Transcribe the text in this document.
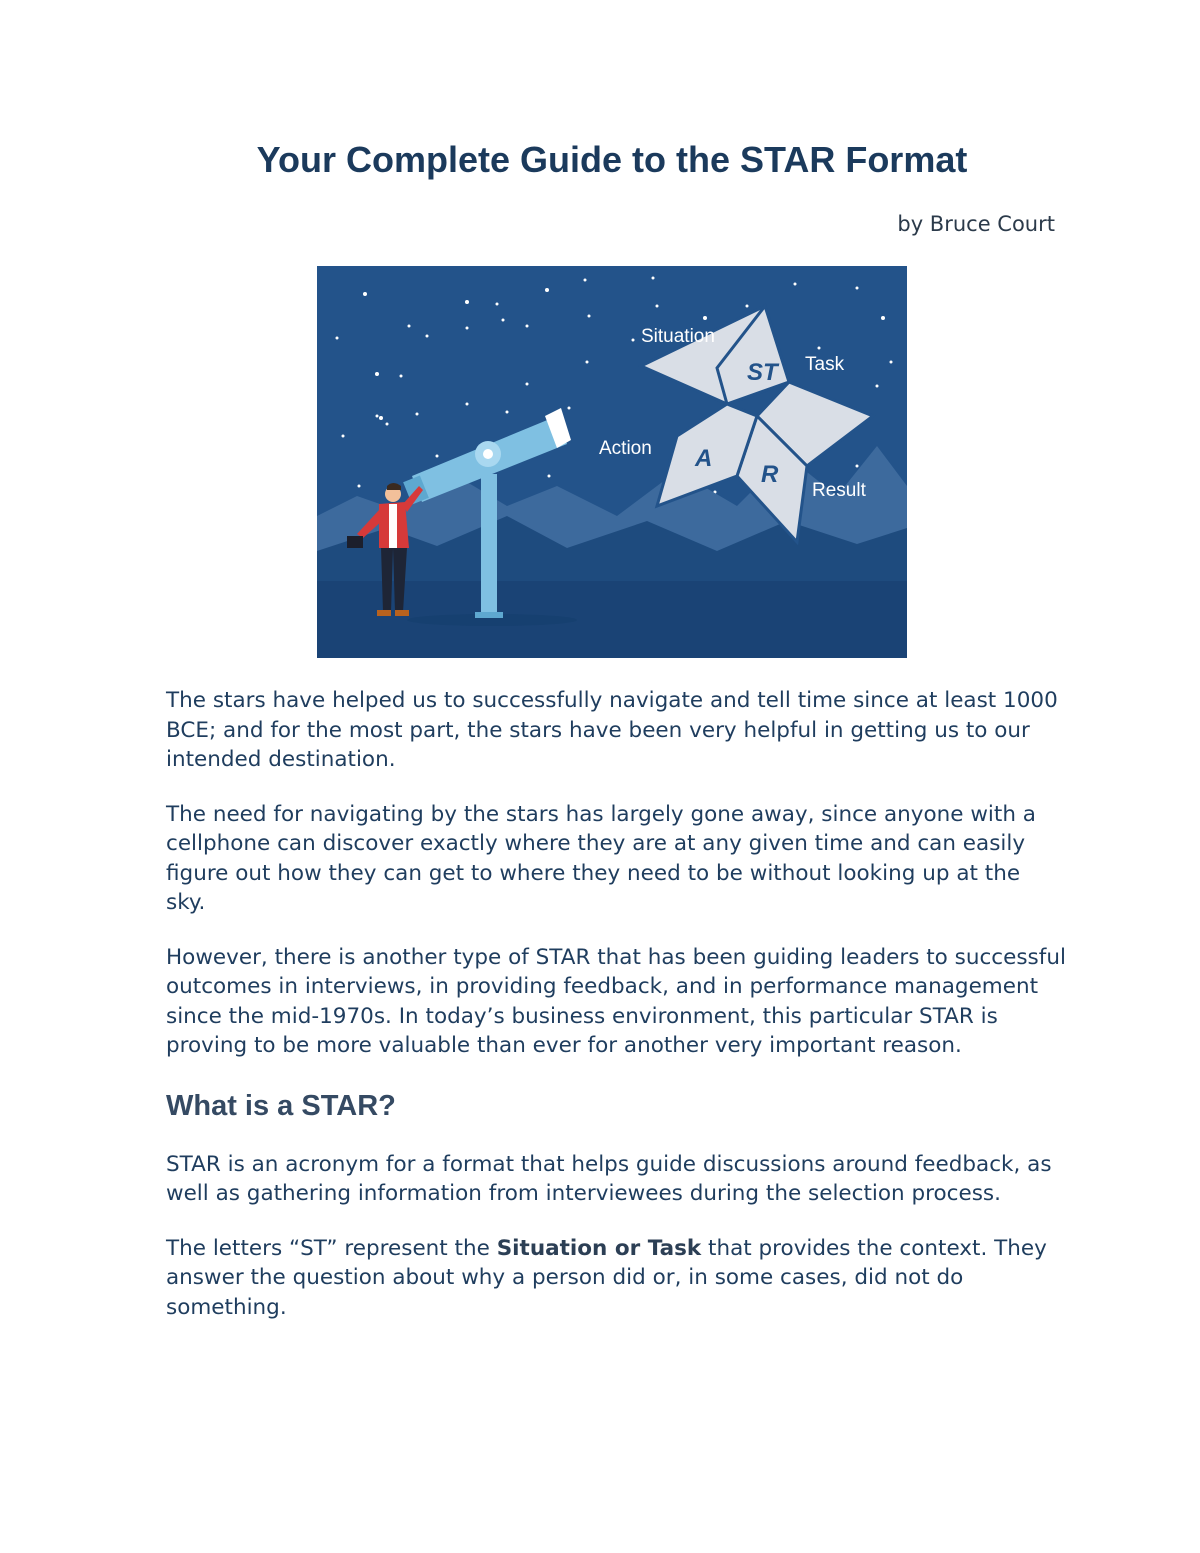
Your Complete Guide to the STAR Format

by Bruce Court

ST
A
R
Situation
Task
Action
Result

The stars have helped us to successfully navigate and tell time since at least 1000 BCE; and for the most part, the stars have been very helpful in getting us to our intended destination.

The need for navigating by the stars has largely gone away, since anyone with a cellphone can discover exactly where they are at any given time and can easily figure out how they can get to where they need to be without looking up at the sky.

However, there is another type of STAR that has been guiding leaders to successful outcomes in interviews, in providing feedback, and in performance management since the mid-1970s. In today’s business environment, this particular STAR is proving to be more valuable than ever for another very important reason.

What is a STAR?

STAR is an acronym for a format that helps guide discussions around feedback, as well as gathering information from interviewees during the selection process.

The letters “ST” represent the Situation or Task that provides the context. They answer the question about why a person did or, in some cases, did not do something.
